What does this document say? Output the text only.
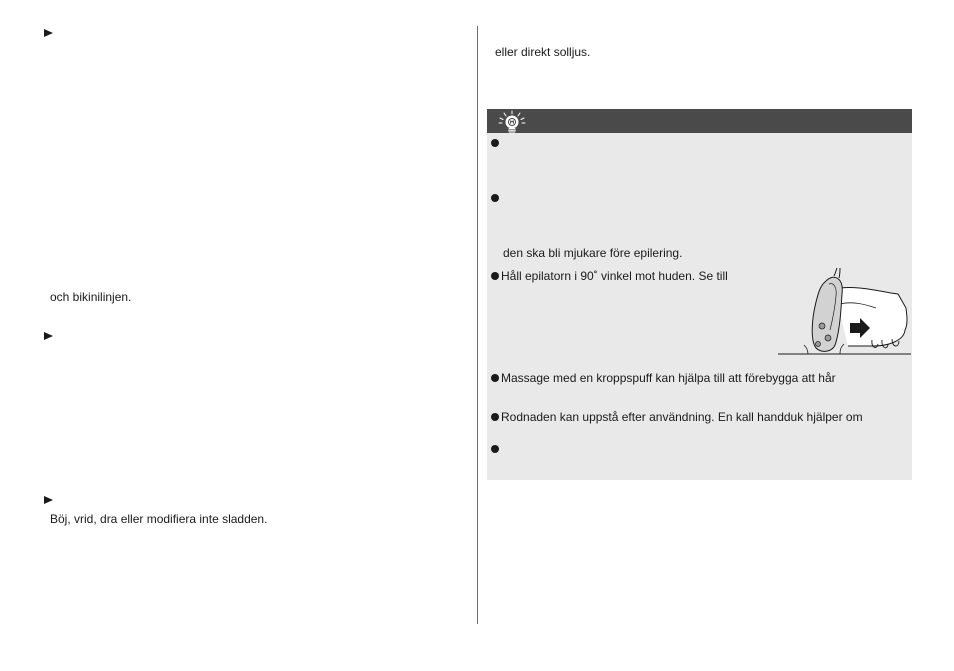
och bikinilinjen.
Böj, vrid, dra eller modifiera inte sladden.
eller direkt solljus.
den ska bli mjukare före epilering.
Håll epilatorn i 90˚ vinkel mot huden. Se till
Massage med en kroppspuff kan hjälpa till att förebygga att hår
Rodnaden kan uppstå efter användning. En kall handduk hjälper om
